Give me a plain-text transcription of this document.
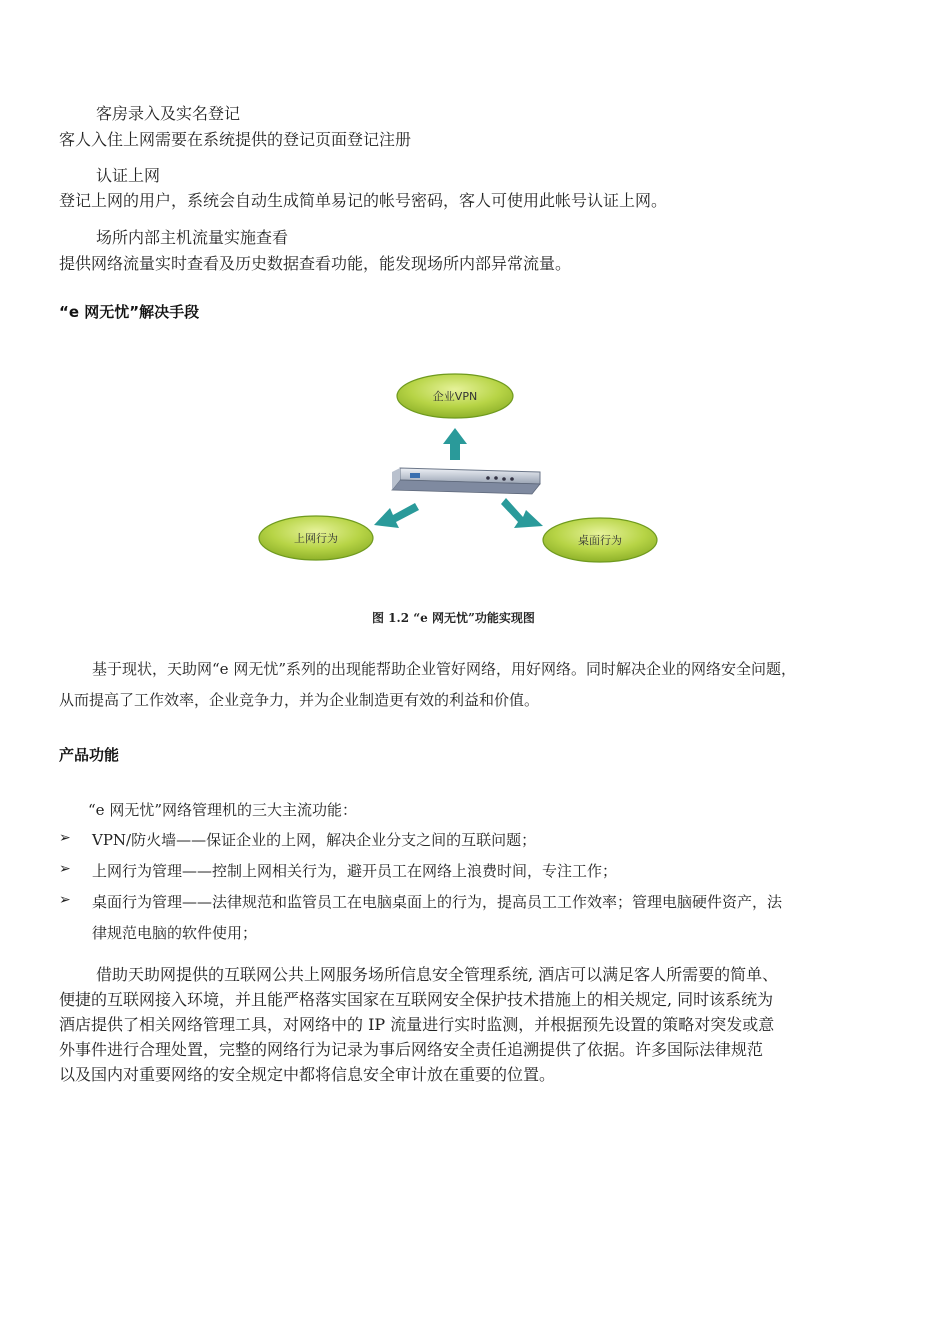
客房录入及实名登记
客人入住上网需要在系统提供的登记页面登记注册
认证上网
登记上网的用户，系统会自动生成简单易记的帐号密码，客人可使用此帐号认证上网。
场所内部主机流量实施查看
提供网络流量实时查看及历史数据查看功能，能发现场所内部异常流量。
“e 网无忧”解决手段
企业VPN
上网行为	桌面行为
图 1.2 “e 网无忧”功能实现图
基于现状，天助网“e 网无忧”系列的出现能帮助企业管好网络，用好网络。同时解决企业的网络安全问题，
从而提高了工作效率，企业竞争力，并为企业制造更有效的利益和价值。
产品功能
“e 网无忧”网络管理机的三大主流功能：
➢ VPN/防火墙——保证企业的上网，解决企业分支之间的互联问题；
➢ 上网行为管理——控制上网相关行为，避开员工在网络上浪费时间，专注工作；
➢ 桌面行为管理——法律规范和监管员工在电脑桌面上的行为，提高员工工作效率；管理电脑硬件资产，法
律规范电脑的软件使用；
借助天助网提供的互联网公共上网服务场所信息安全管理系统, 酒店可以满足客人所需要的简单、
便捷的互联网接入环境，并且能严格落实国家在互联网安全保护技术措施上的相关规定, 同时该系统为
酒店提供了相关网络管理工具，对网络中的 IP 流量进行实时监测，并根据预先设置的策略对突发或意
外事件进行合理处置，完整的网络行为记录为事后网络安全责任追溯提供了依据。许多国际法律规范
以及国内对重要网络的安全规定中都将信息安全审计放在重要的位置。
